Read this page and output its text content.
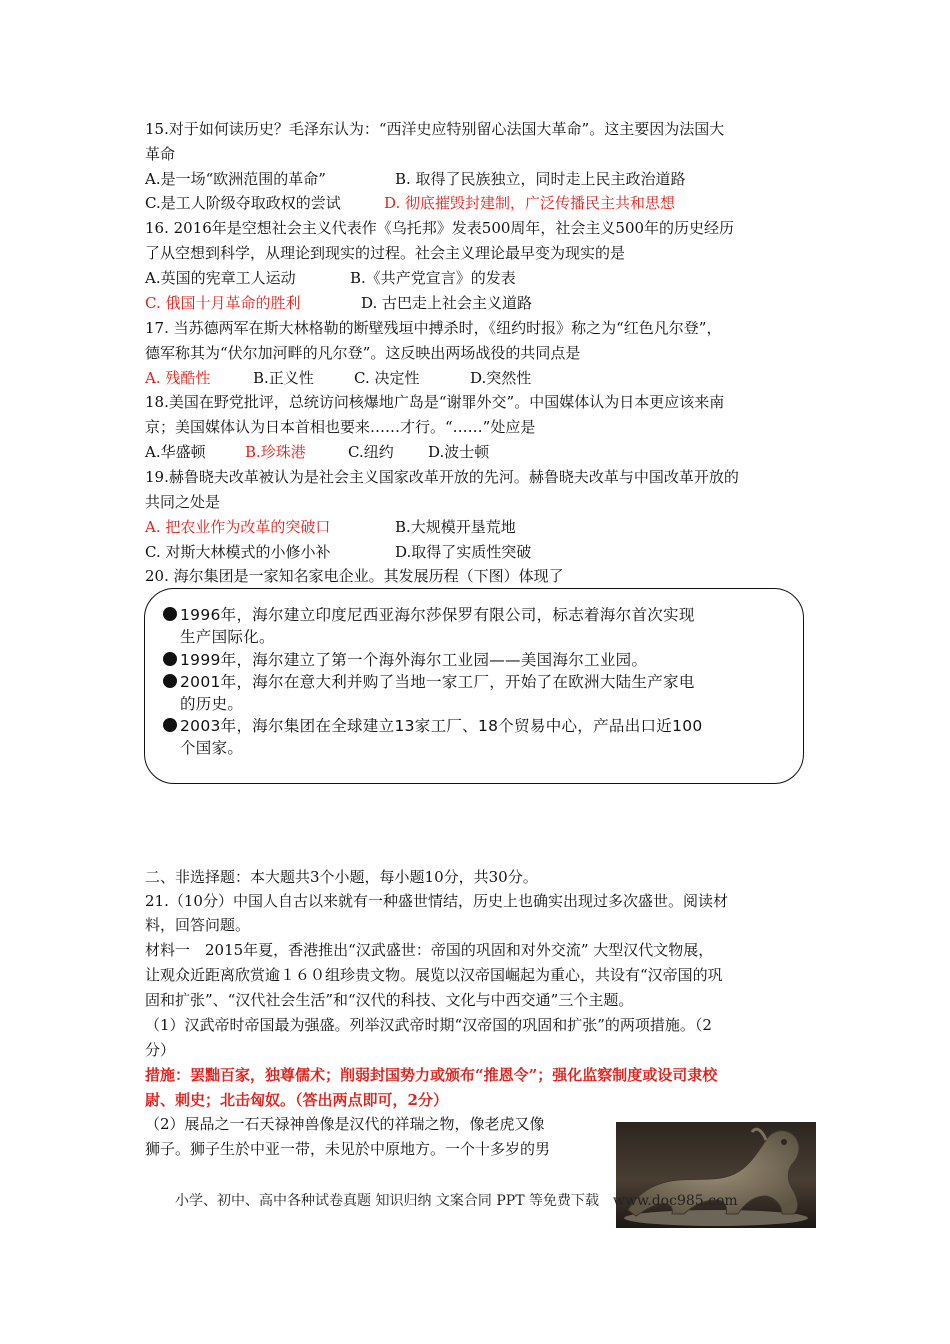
15.对于如何读历史？毛泽东认为：“西洋史应特别留心法国大革命”。这主要因为法国大
革命
A.是一场“欧洲范围的革命”	B. 取得了民族独立，同时走上民主政治道路
C.是工人阶级夺取政权的尝试	D. 彻底摧毁封建制，广泛传播民主共和思想
16. 2016年是空想社会主义代表作《乌托邦》发表500周年，社会主义500年的历史经历
了从空想到科学，从理论到现实的过程。社会主义理论最早变为现实的是
A.英国的宪章工人运动	B.《共产党宣言》的发表
C. 俄国十月革命的胜利	D. 古巴走上社会主义道路
17. 当苏德两军在斯大林格勒的断壁残垣中搏杀时，《纽约时报》称之为“红色凡尔登”，
德军称其为“伏尔加河畔的凡尔登”。这反映出两场战役的共同点是
A. 残酷性	B.正义性	C. 决定性	D.突然性
18.美国在野党批评，总统访问核爆地广岛是“谢罪外交”。中国媒体认为日本更应该来南
京；美国媒体认为日本首相也要来……才行。“……”处应是
A.华盛顿	B.珍珠港	C.纽约 D.波士顿
19.赫鲁晓夫改革被认为是社会主义国家改革开放的先河。赫鲁晓夫改革与中国改革开放的
共同之处是
A. 把农业作为改革的突破口	B.大规模开垦荒地
C. 对斯大林模式的小修小补	D.取得了实质性突破
20. 海尔集团是一家知名家电企业。其发展历程（下图）体现了
1996年，海尔建立印度尼西亚海尔莎保罗有限公司，标志着海尔首次实现
生产国际化。
1999年，海尔建立了第一个海外海尔工业园——美国海尔工业园。
2001年，海尔在意大利并购了当地一家工厂，开始了在欧洲大陆生产家电
的历史。
2003年，海尔集团在全球建立13家工厂、18个贸易中心，产品出口近100
个国家。
二、非选择题：本大题共3个小题，每小题10分，共30分。
21.（10分）中国人自古以来就有一种盛世情结，历史上也确实出现过多次盛世。阅读材
料，回答问题。
材料一　2015年夏，香港推出“汉武盛世：帝国的巩固和对外交流” 大型汉代文物展，
让观众近距离欣赏逾１６０组珍贵文物。展览以汉帝国崛起为重心，共设有“汉帝国的巩
固和扩张”、“汉代社会生活”和“汉代的科技、文化与中西交通”三个主题。
（1）汉武帝时帝国最为强盛。列举汉武帝时期“汉帝国的巩固和扩张”的两项措施。（2
分）
措施：罢黜百家，独尊儒术；削弱封国势力或颁布“推恩令”；强化监察制度或设司隶校
尉、刺史；北击匈奴。（答出两点即可，2分）
（2）展品之一石天禄神兽像是汉代的祥瑞之物，像老虎又像
狮子。狮子生於中亚一带，未见於中原地方。一个十多岁的男
小学、初中、高中各种试卷真题 知识归纳 文案合同 PPT 等免费下载　www.doc985.com
